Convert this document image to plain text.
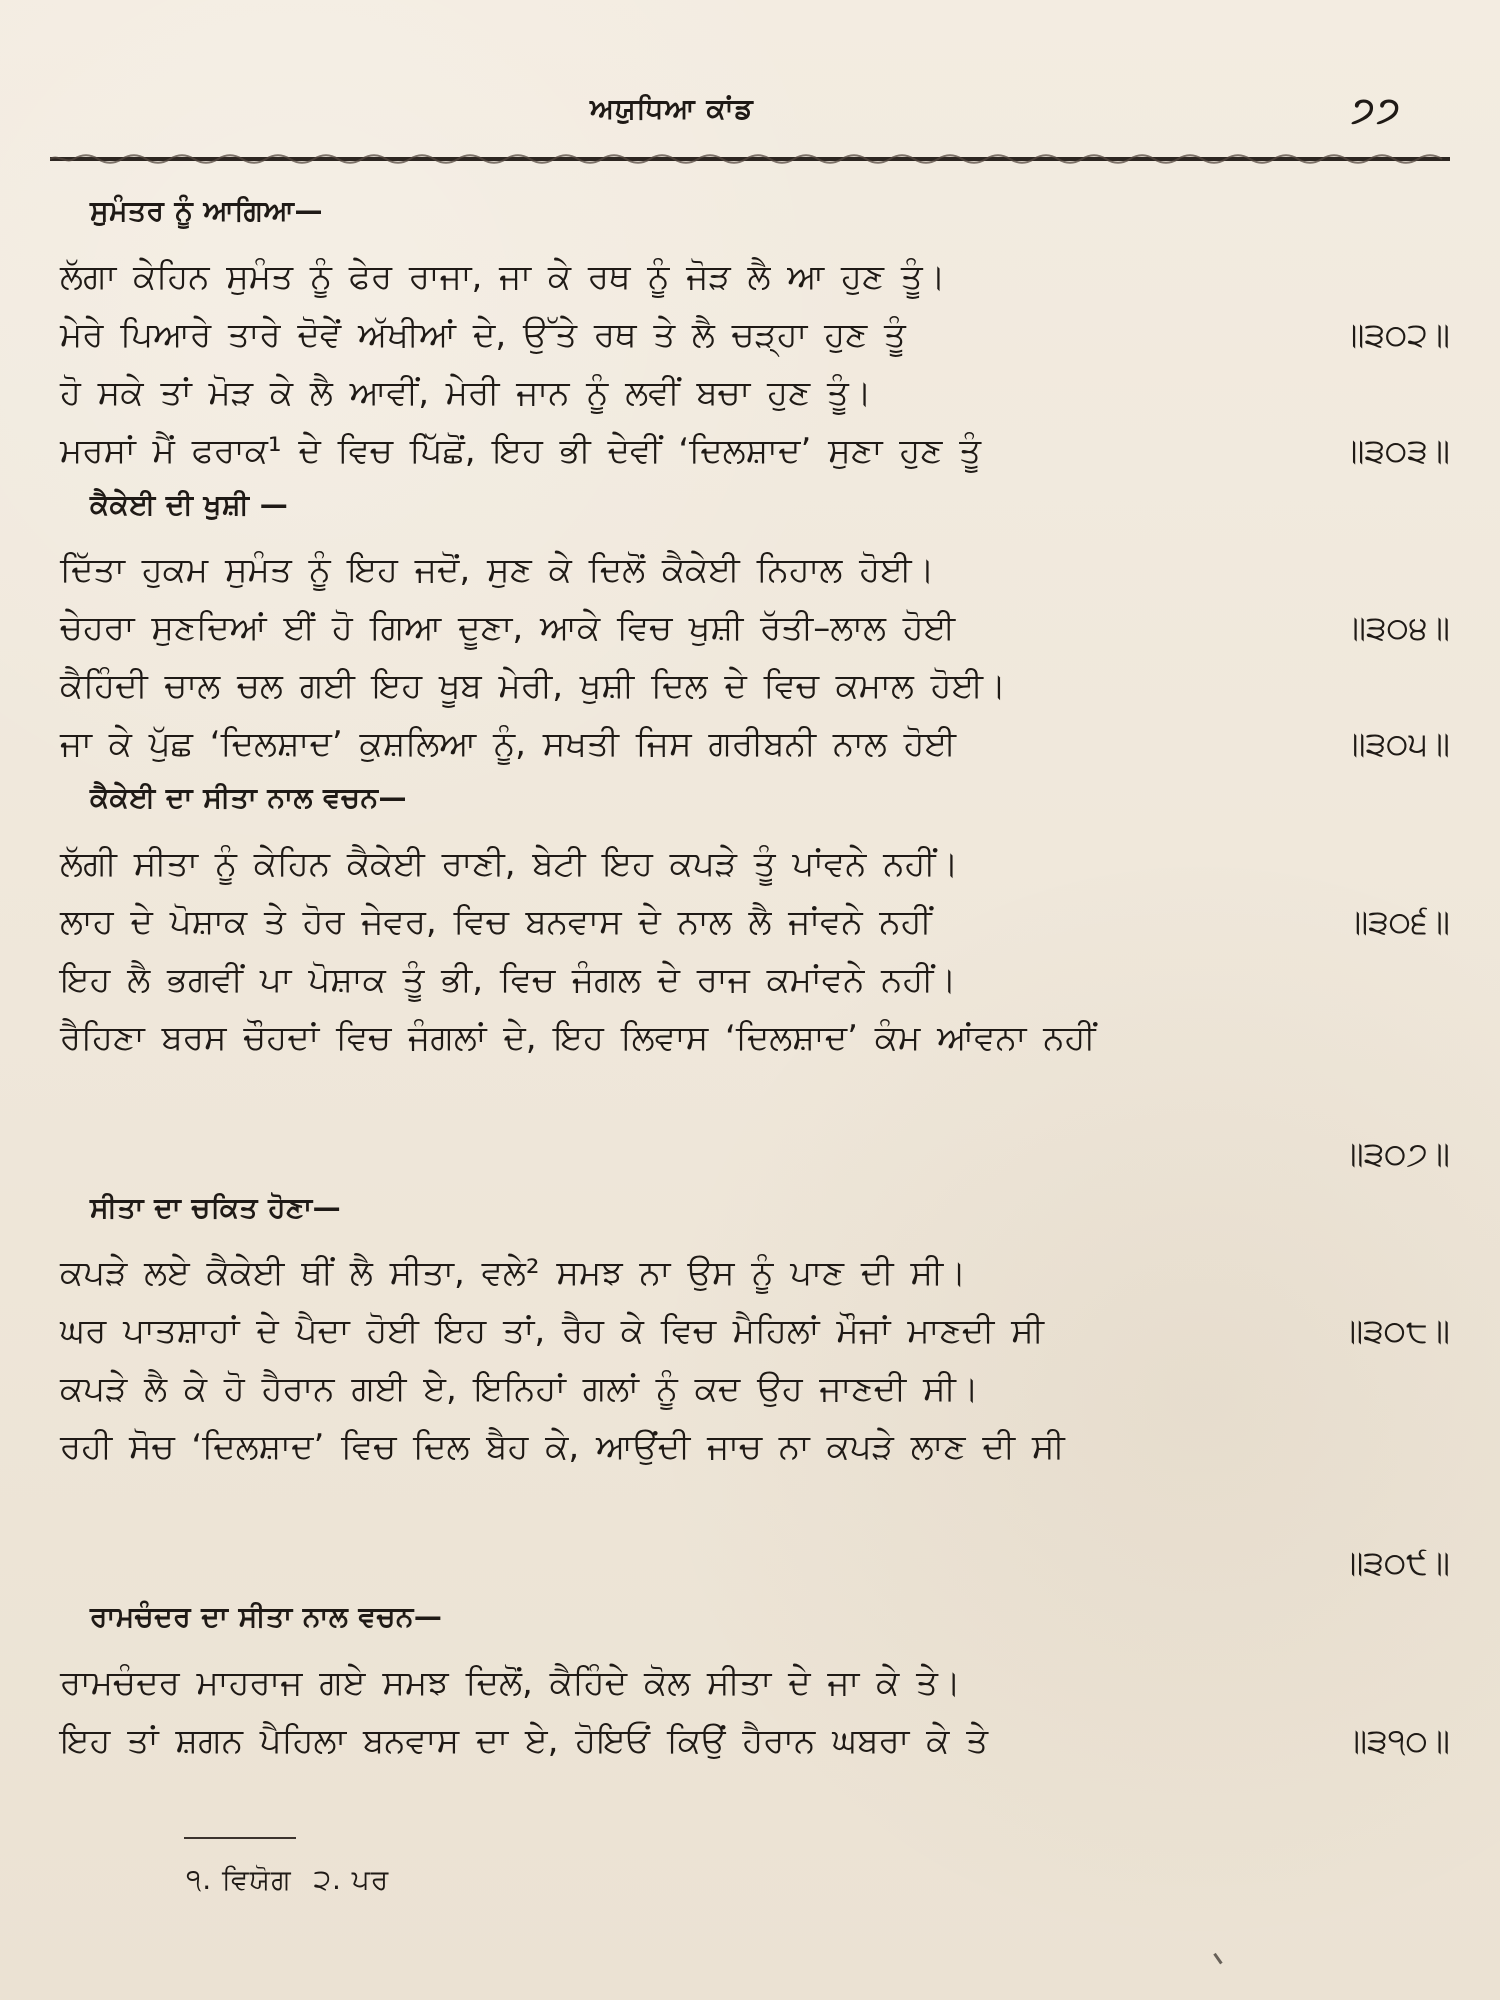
ਅਯੁਧਿਆ ਕਾਂਡ	੭੭
ਸੁਮੰਤਰ ਨੂੰ ਆਗਿਆ—
ਲੱਗਾ ਕੇਹਿਨ ਸੁਮੰਤ ਨੂੰ ਫੇਰ ਰਾਜਾ, ਜਾ ਕੇ ਰਥ ਨੂੰ ਜੋੜ ਲੈ ਆ ਹੁਣ ਤੂੰ।
ਮੇਰੇ ਪਿਆਰੇ ਤਾਰੇ ਦੋਵੇਂ ਅੱਖੀਆਂ ਦੇ, ਉੱਤੇ ਰਥ ਤੇ ਲੈ ਚੜ੍ਹਾ ਹੁਣ ਤੂੰ	॥੩੦੨॥
ਹੋ ਸਕੇ ਤਾਂ ਮੋੜ ਕੇ ਲੈ ਆਵੀਂ, ਮੇਰੀ ਜਾਨ ਨੂੰ ਲਵੀਂ ਬਚਾ ਹੁਣ ਤੂੰ।
ਮਰਸਾਂ ਮੈਂ ਫਰਾਕ¹ ਦੇ ਵਿਚ ਪਿੱਛੋਂ, ਇਹ ਭੀ ਦੇਵੀਂ ‘ਦਿਲਸ਼ਾਦ’ ਸੁਣਾ ਹੁਣ ਤੂੰ	॥੩੦੩॥
ਕੈਕੇਈ ਦੀ ਖੁਸ਼ੀ —
ਦਿੱਤਾ ਹੁਕਮ ਸੁਮੰਤ ਨੂੰ ਇਹ ਜਦੋਂ, ਸੁਣ ਕੇ ਦਿਲੋਂ ਕੈਕੇਈ ਨਿਹਾਲ ਹੋਈ।
ਚੇਹਰਾ ਸੁਣਦਿਆਂ ਈਂ ਹੋ ਗਿਆ ਦੂਣਾ, ਆਕੇ ਵਿਚ ਖੁਸ਼ੀ ਰੱਤੀ–ਲਾਲ ਹੋਈ	॥੩੦੪॥
ਕੈਹਿੰਦੀ ਚਾਲ ਚਲ ਗਈ ਇਹ ਖੂਬ ਮੇਰੀ, ਖੁਸ਼ੀ ਦਿਲ ਦੇ ਵਿਚ ਕਮਾਲ ਹੋਈ।
ਜਾ ਕੇ ਪੁੱਛ ‘ਦਿਲਸ਼ਾਦ’ ਕੁਸ਼ਲਿਆ ਨੂੰ, ਸਖਤੀ ਜਿਸ ਗਰੀਬਨੀ ਨਾਲ ਹੋਈ	॥੩੦੫॥
ਕੈਕੇਈ ਦਾ ਸੀਤਾ ਨਾਲ ਵਚਨ—
ਲੱਗੀ ਸੀਤਾ ਨੂੰ ਕੇਹਿਨ ਕੈਕੇਈ ਰਾਣੀ, ਬੇਟੀ ਇਹ ਕਪੜੇ ਤੂੰ ਪਾਂਵਨੇ ਨਹੀਂ।
ਲਾਹ ਦੇ ਪੋਸ਼ਾਕ ਤੇ ਹੋਰ ਜੇਵਰ, ਵਿਚ ਬਨਵਾਸ ਦੇ ਨਾਲ ਲੈ ਜਾਂਵਨੇ ਨਹੀਂ	॥੩੦੬॥
ਇਹ ਲੈ ਭਗਵੀਂ ਪਾ ਪੋਸ਼ਾਕ ਤੂੰ ਭੀ, ਵਿਚ ਜੰਗਲ ਦੇ ਰਾਜ ਕਮਾਂਵਨੇ ਨਹੀਂ।
ਰੈਹਿਣਾ ਬਰਸ ਚੌਹਦਾਂ ਵਿਚ ਜੰਗਲਾਂ ਦੇ, ਇਹ ਲਿਵਾਸ ‘ਦਿਲਸ਼ਾਦ’ ਕੰਮ ਆਂਵਨਾ ਨਹੀਂ
॥੩੦੭॥
ਸੀਤਾ ਦਾ ਚਕਿਤ ਹੋਣਾ—
ਕਪੜੇ ਲਏ ਕੈਕੇਈ ਥੀਂ ਲੈ ਸੀਤਾ, ਵਲੇ² ਸਮਝ ਨਾ ਉਸ ਨੂੰ ਪਾਣ ਦੀ ਸੀ।
ਘਰ ਪਾਤਸ਼ਾਹਾਂ ਦੇ ਪੈਦਾ ਹੋਈ ਇਹ ਤਾਂ, ਰੈਹ ਕੇ ਵਿਚ ਮੈਹਿਲਾਂ ਮੌਜਾਂ ਮਾਣਦੀ ਸੀ	॥੩੦੮॥
ਕਪੜੇ ਲੈ ਕੇ ਹੋ ਹੈਰਾਨ ਗਈ ਏ, ਇਨਿਹਾਂ ਗਲਾਂ ਨੂੰ ਕਦ ਉਹ ਜਾਣਦੀ ਸੀ।
ਰਹੀ ਸੋਚ ‘ਦਿਲਸ਼ਾਦ’ ਵਿਚ ਦਿਲ ਬੈਹ ਕੇ, ਆਉਂਦੀ ਜਾਚ ਨਾ ਕਪੜੇ ਲਾਣ ਦੀ ਸੀ
॥੩੦੯॥
ਰਾਮਚੰਦਰ ਦਾ ਸੀਤਾ ਨਾਲ ਵਚਨ—
ਰਾਮਚੰਦਰ ਮਾਹਰਾਜ ਗਏ ਸਮਝ ਦਿਲੋਂ, ਕੈਹਿੰਦੇ ਕੋਲ ਸੀਤਾ ਦੇ ਜਾ ਕੇ ਤੇ।
ਇਹ ਤਾਂ ਸ਼ਗਨ ਪੈਹਿਲਾ ਬਨਵਾਸ ਦਾ ਏ, ਹੋਇਓਂ ਕਿਉਂ ਹੈਰਾਨ ਘਬਰਾ ਕੇ ਤੇ	॥੩੧੦॥
੧. ਵਿਯੋਗ ੨. ਪਰ
